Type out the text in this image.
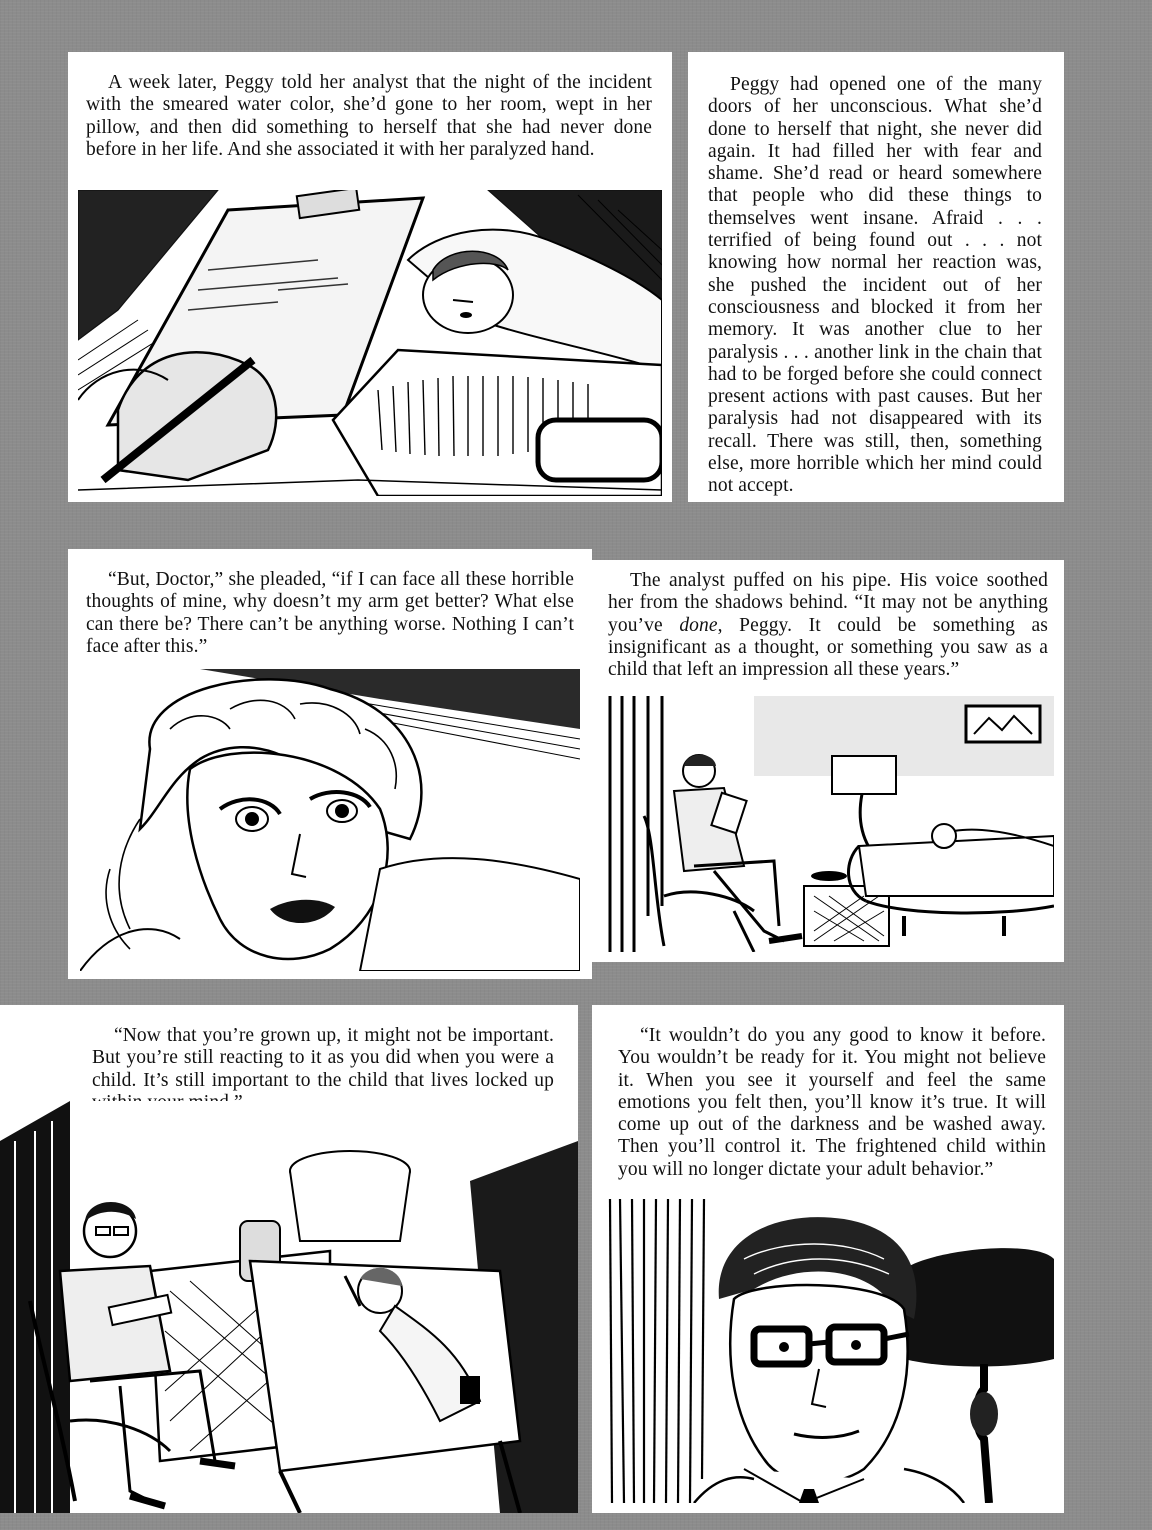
A week later, Peggy told her analyst that the night of the incident with the smeared water color, she’d gone to her room, wept in her pillow, and then did something to herself that she had never done before in her life. And she associated it with her paralyzed hand.

Peggy had opened one of the many doors of her unconscious. What she’d done to herself that night, she never did again. It had filled her with fear and shame. She’d read or heard somewhere that people who did these things to themselves went insane. Afraid . . . terrified of being found out . . . not knowing how normal her reaction was, she pushed the incident out of her consciousness and blocked it from her memory. It was another clue to her paralysis . . . another link in the chain that had to be forged before she could connect present actions with past causes. But her paralysis had not disappeared with its recall. There was still, then, something else, more horrible which her mind could not accept.

“But, Doctor,” she pleaded, “if I can face all these horrible thoughts of mine, why doesn’t my arm get better? What else can there be? There can’t be anything worse. Nothing I can’t face after this.”

The analyst puffed on his pipe. His voice soothed her from the shadows behind. “It may not be anything you’ve done, Peggy. It could be something as insignificant as a thought, or something you saw as a child that left an impression all these years.”

“Now that you’re grown up, it might not be important. But you’re still reacting to it as you did when you were a child. It’s still important to the child that lives locked up

“It wouldn’t do you any good to know it before. You wouldn’t be ready for it. You might not believe it. When you see it yourself and feel the same emotions you felt then, you’ll know it’s true. It will come up out of the darkness and be washed away. Then you’ll control it. The frightened child within you will no longer dictate your adult behavior.”
